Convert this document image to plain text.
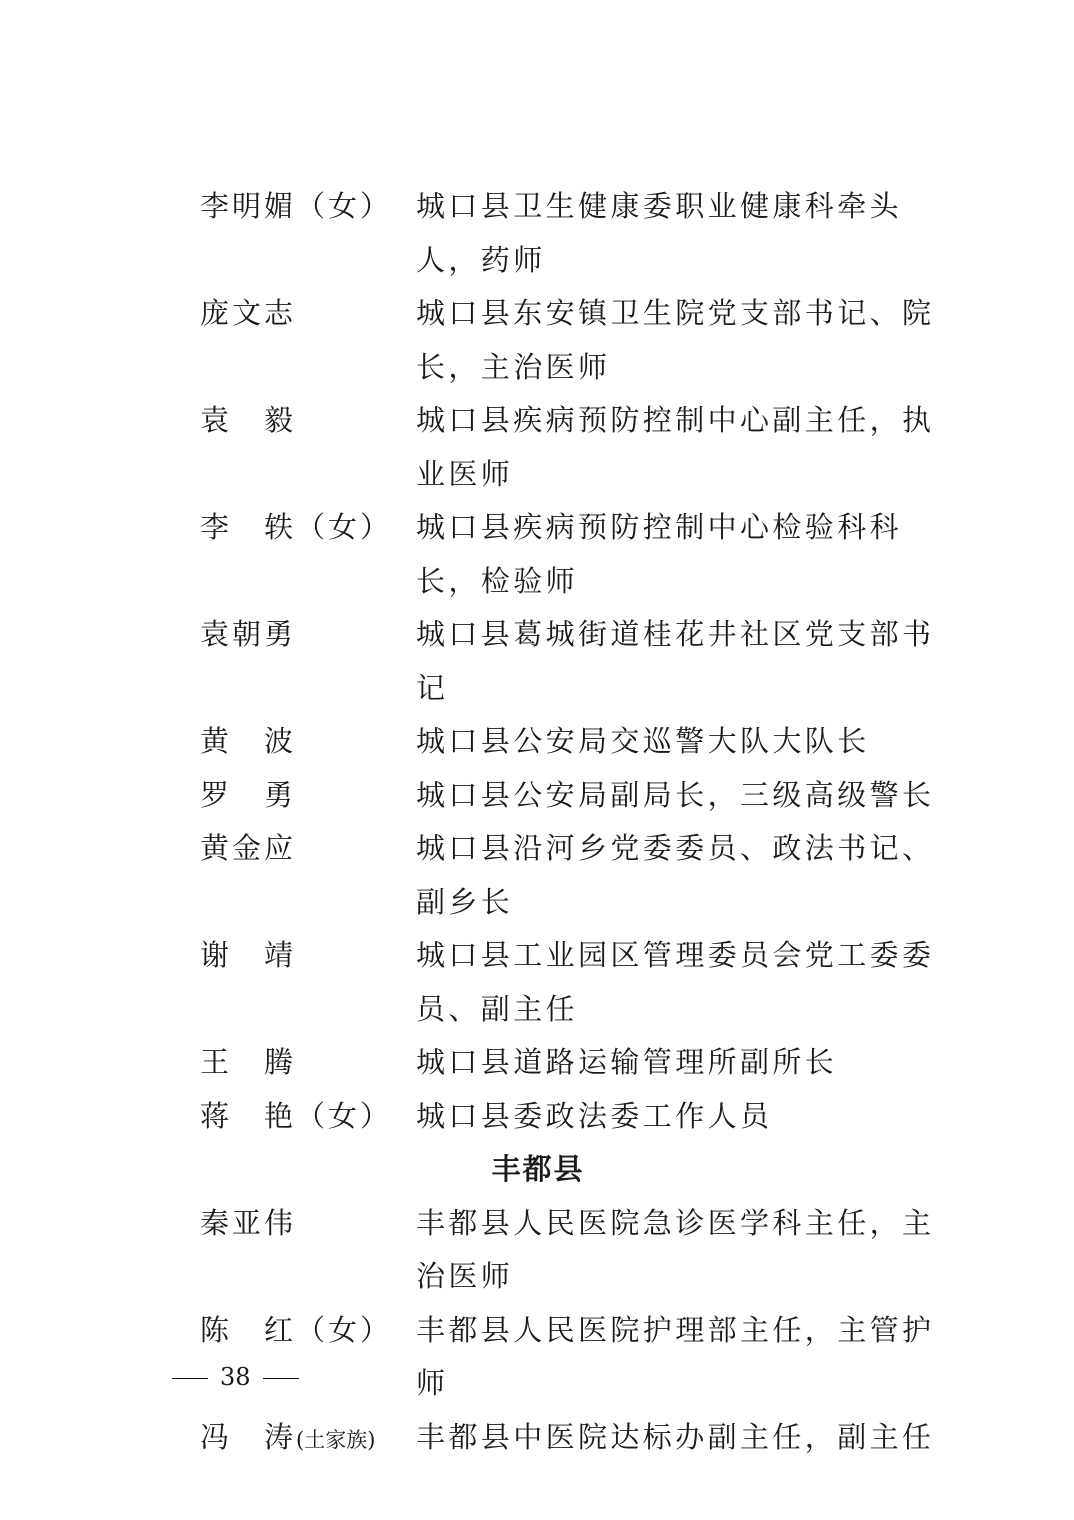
李明媚（女） 城口县卫生健康委职业健康科牵头人，药师
庞文志	城口县东安镇卫生院党支部书记、院长，主治医师
袁　毅	城口县疾病预防控制中心副主任，执业医师
李　轶（女） 城口县疾病预防控制中心检验科科长，检验师
袁朝勇	城口县葛城街道桂花井社区党支部书记
黄　波	城口县公安局交巡警大队大队长
罗　勇	城口县公安局副局长，三级高级警长
黄金应	城口县沿河乡党委委员、政法书记、副乡长
谢　靖	城口县工业园区管理委员会党工委委员、副主任
王　腾	城口县道路运输管理所副所长
蒋　艳（女） 城口县委政法委工作人员
丰都县
秦亚伟	丰都县人民医院急诊医学科主任，主治医师
陈　红（女） 丰都县人民医院护理部主任，主管护师
冯　涛(土家族)	丰都县中医院达标办副主任，副主任
38
